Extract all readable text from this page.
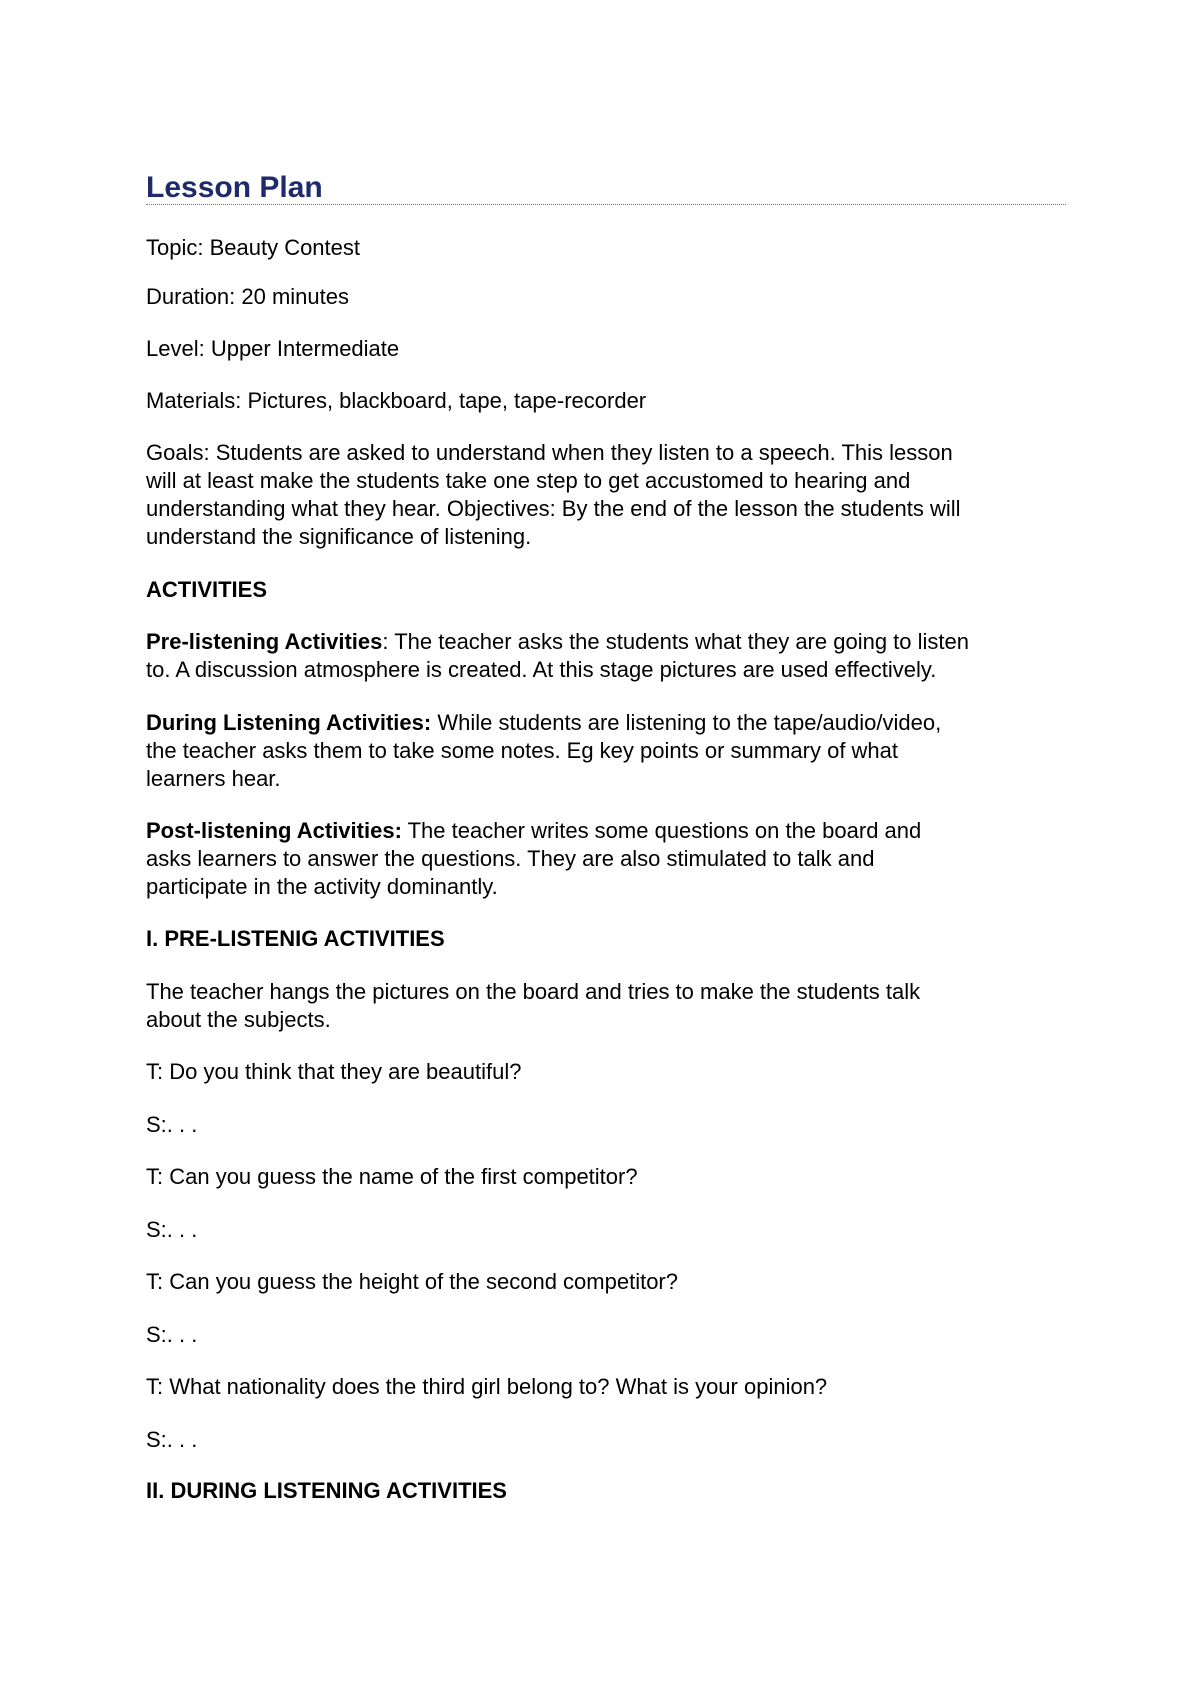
Lesson Plan

Topic: Beauty Contest

Duration: 20 minutes

Level: Upper Intermediate

Materials: Pictures, blackboard, tape, tape-recorder

Goals: Students are asked to understand when they listen to a speech. This lesson

will at least make the students take one step to get accustomed to hearing and

understanding what they hear. Objectives: By the end of the lesson the students will

understand the significance of listening.

ACTIVITIES

Pre-listening Activities: The teacher asks the students what they are going to listen

to. A discussion atmosphere is created. At this stage pictures are used effectively.

During Listening Activities: While students are listening to the tape/audio/video,

the teacher asks them to take some notes. Eg key points or summary of what

learners hear.

Post-listening Activities: The teacher writes some questions on the board and

asks learners to answer the questions. They are also stimulated to talk and

participate in the activity dominantly.

I. PRE-LISTENIG ACTIVITIES

The teacher hangs the pictures on the board and tries to make the students talk

about the subjects.

T: Do you think that they are beautiful?

S:. . .

T: Can you guess the name of the first competitor?

S:. . .

T: Can you guess the height of the second competitor?

S:. . .

T: What nationality does the third girl belong to? What is your opinion?

S:. . .

II. DURING LISTENING ACTIVITIES
